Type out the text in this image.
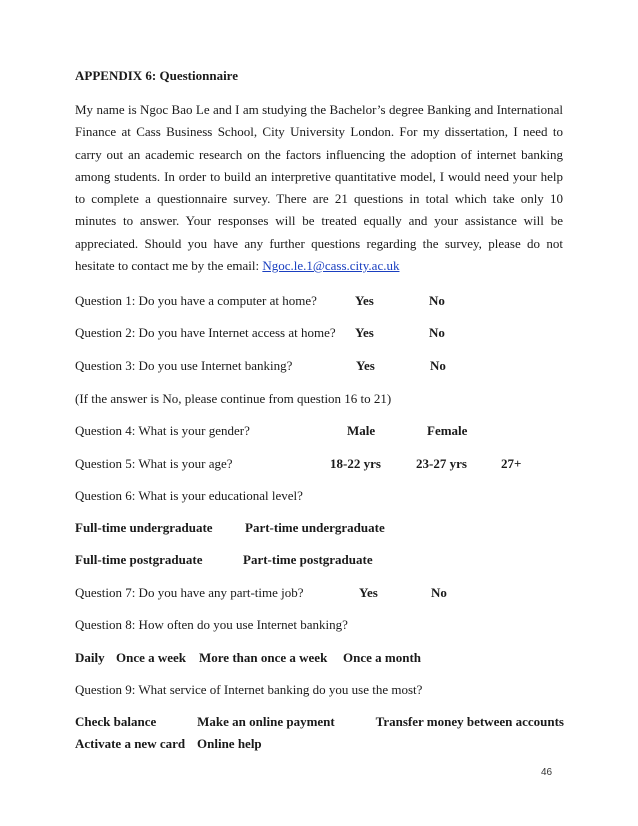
APPENDIX 6: Questionnaire

My name is Ngoc Bao Le and I am studying the Bachelor’s degree Banking and International Finance at Cass Business School, City University London. For my dissertation, I need to carry out an academic research on the factors influencing the adoption of internet banking among students. In order to build an interpretive quantitative model, I would need your help to complete a questionnaire survey. There are 21 questions in total which take only 10 minutes to answer. Your responses will be treated equally and your assistance will be appreciated. Should you have any further questions regarding the survey, please do not hesitate to contact me by the email: Ngoc.le.1@cass.city.ac.uk

Question 1: Do you have a computer at home?	Yes	No
Question 2: Do you have Internet access at home? Yes	No
Question 3: Do you use Internet banking?	Yes	No
(If the answer is No, please continue from question 16 to 21)
Question 4: What is your gender?	Male	Female
Question 5: What is your age?	18-22 yrs	23-27 yrs	27+
Question 6: What is your educational level?
Full-time undergraduate Part-time undergraduate
Full-time postgraduate	Part-time postgraduate
Question 7: Do you have any part-time job?	Yes	No
Question 8: How often do you use Internet banking?
Daily Once a week More than once a week Once a month
Question 9: What service of Internet banking do you use the most?
Check balance	Make an online payment	Transfer money between accounts
Activate a new card Online help
46
